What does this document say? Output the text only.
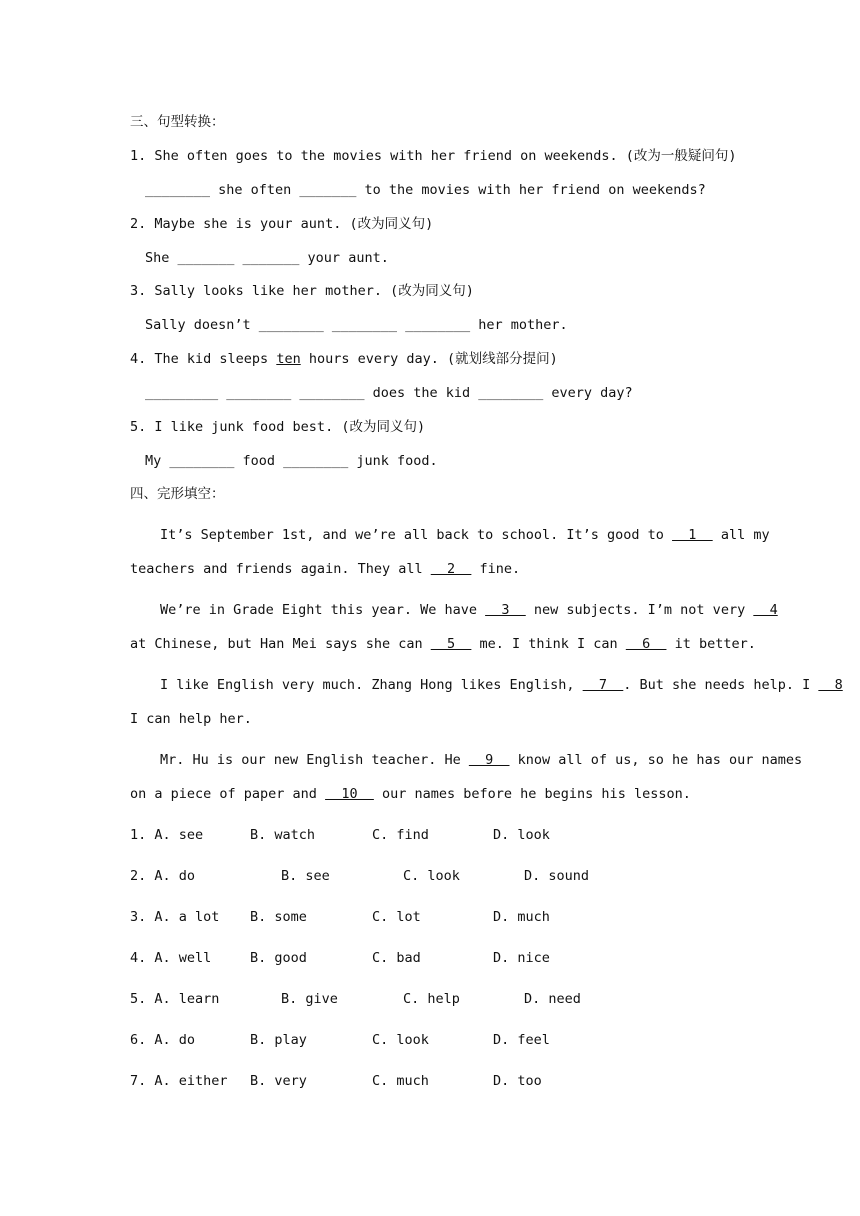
三、句型转换：
1. She often goes to the movies with her friend on weekends. (改为一般疑问句)
________ she often _______ to the movies with her friend on weekends?
2. Maybe she is your aunt. (改为同义句)
She _______ _______ your aunt.
3. Sally looks like her mother. (改为同义句)
Sally doesn’t ________ ________ ________ her mother.
4. The kid sleeps ten hours every day. (就划线部分提问)
_________ ________ ________ does the kid ________ every day?
5. I like junk food best. (改为同义句)
My ________ food ________ junk food.
四、完形填空：
It’s September 1st, and we’re all back to school. It’s good to   1   all my
teachers and friends again. They all   2   fine.
We’re in Grade Eight this year. We have   3   new subjects. I’m not very   4
at Chinese, but Han Mei says she can   5   me. I think I can   6   it better.
I like English very much. Zhang Hong likes English,   7  . But she needs help. I   8
I can help her.
Mr. Hu is our new English teacher. He   9   know all of us, so he has our names
on a piece of paper and   10   our names before he begins his lesson.
1. A. see	B. watch	C. find	D. look
2. A. do	B. see	C. look	D. sound
3. A. a lot B. some	C. lot	D. much
4. A. well	B. good	C. bad	D. nice
5. A. learn	B. give	C. help	D. need
6. A. do	B. play	C. look	D. feel
7. A. either B. very	C. much	D. too
